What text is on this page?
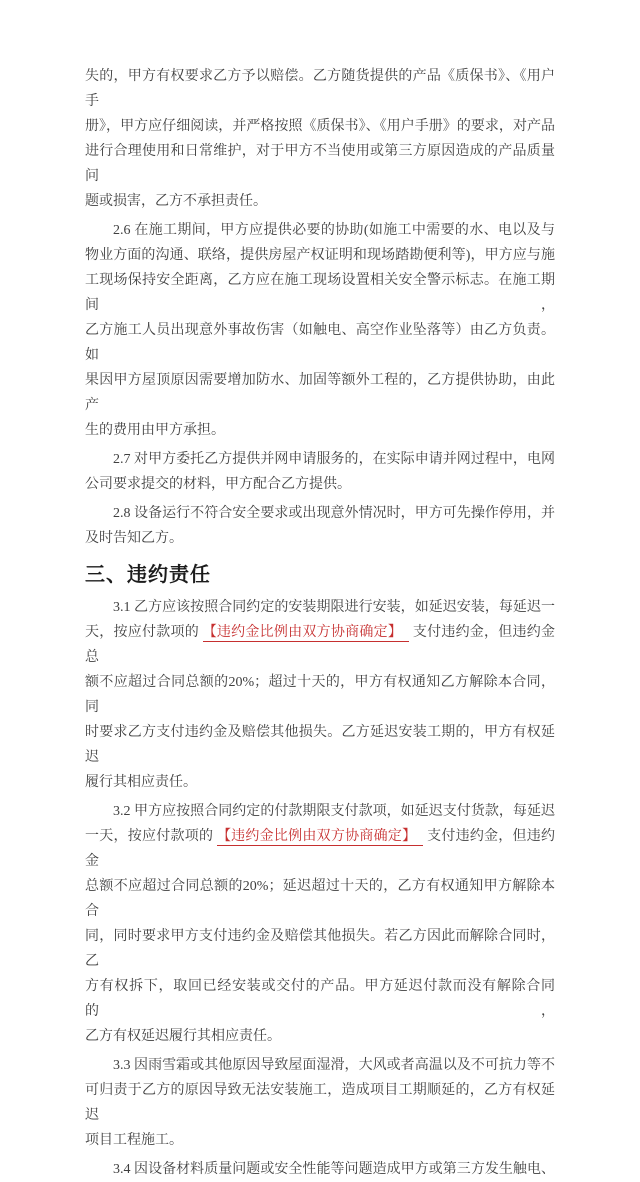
失的，甲方有权要求乙方予以赔偿。乙方随货提供的产品《质保书》、《用户手
册》，甲方应仔细阅读，并严格按照《质保书》、《用户手册》的要求，对产品
进行合理使用和日常维护，对于甲方不当使用或第三方原因造成的产品质量问
题或损害，乙方不承担责任。
2.6 在施工期间，甲方应提供必要的协助(如施工中需要的水、电以及与
物业方面的沟通、联络，提供房屋产权证明和现场踏勘便利等)，甲方应与施
工现场保持安全距离，乙方应在施工现场设置相关安全警示标志。在施工期间，
乙方施工人员出现意外事故伤害（如触电、高空作业坠落等）由乙方负责。如
果因甲方屋顶原因需要增加防水、加固等额外工程的，乙方提供协助，由此产
生的费用由甲方承担。
2.7 对甲方委托乙方提供并网申请服务的，在实际申请并网过程中，电网
公司要求提交的材料，甲方配合乙方提供。
2.8 设备运行不符合安全要求或出现意外情况时，甲方可先操作停用，并
及时告知乙方。
三、违约责任
3.1 乙方应该按照合同约定的安装期限进行安装，如延迟安装，每延迟一
天，按应付款项的 【违约金比例由双方协商确定】 支付违约金，但违约金总
额不应超过合同总额的20%；超过十天的，甲方有权通知乙方解除本合同，同
时要求乙方支付违约金及赔偿其他损失。乙方延迟安装工期的，甲方有权延迟
履行其相应责任。
3.2 甲方应按照合同约定的付款期限支付款项，如延迟支付货款，每延迟
一天，按应付款项的 【违约金比例由双方协商确定】 支付违约金，但违约金
总额不应超过合同总额的20%；延迟超过十天的，乙方有权通知甲方解除本合
同，同时要求甲方支付违约金及赔偿其他损失。若乙方因此而解除合同时，乙
方有权拆下，取回已经安装或交付的产品。甲方延迟付款而没有解除合同的，
乙方有权延迟履行其相应责任。
3.3 因雨雪霜或其他原因导致屋面湿滑，大风或者高温以及不可抗力等不
可归责于乙方的原因导致无法安装施工，造成项目工期顺延的，乙方有权延迟
项目工程施工。
3.4 因设备材料质量问题或安全性能等问题造成甲方或第三方发生触电、
